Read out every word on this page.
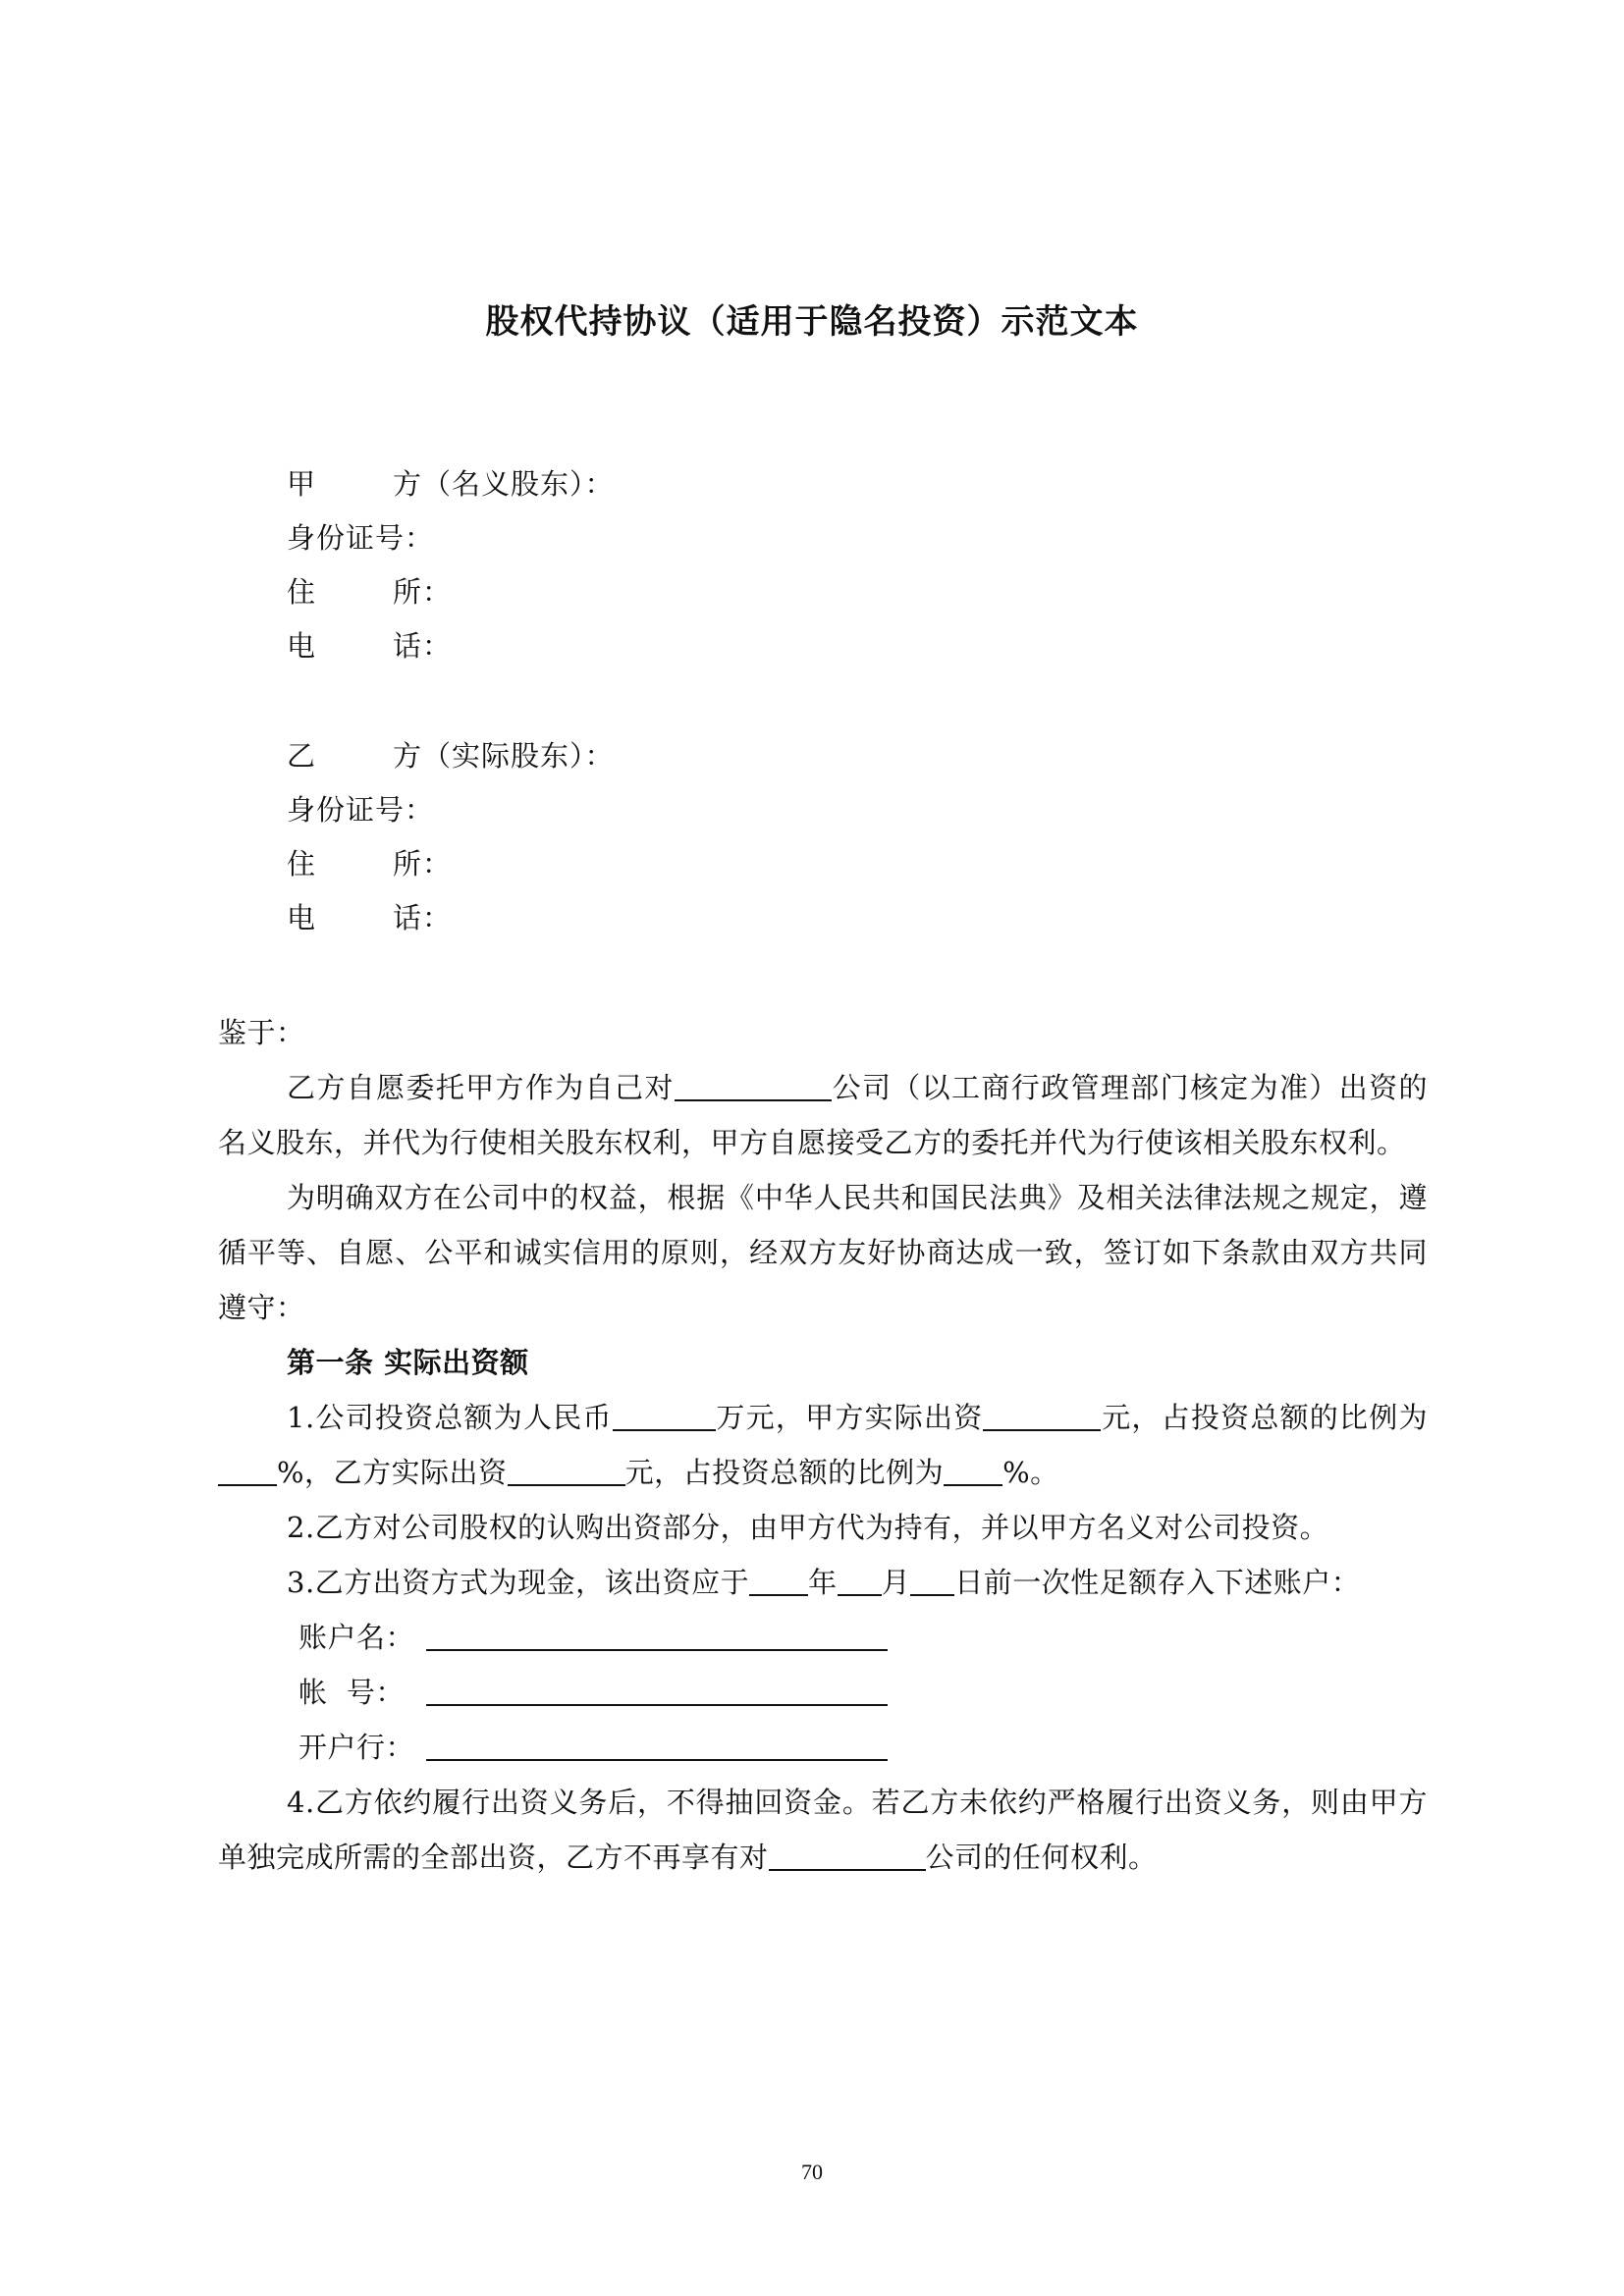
股权代持协议（适用于隐名投资）示范文本
甲	方（名义股东）：
身份证号：
住	所：
电	话：
乙	方（实际股东）：
身份证号：
住	所：
电	话：

鉴于：

乙方自愿委托甲方作为自己对	公司（以工商行政管理部门核定为准）出资的名义股东，并代为行使相关股东权利，甲方自愿接受乙方的委托并代为行使该相关股东权利。

为明确双方在公司中的权益，根据《中华人民共和国民法典》及相关法律法规之规定，遵循平等、自愿、公平和诚实信用的原则，经双方友好协商达成一致，签订如下条款由双方共同遵守：

第一条 实际出资额

1.公司投资总额为人民币	万元，甲方实际出资	元，占投资总额的比例为%，乙方实际出资	元，占投资总额的比例为 %。

2.乙方对公司股权的认购出资部分，由甲方代为持有，并以甲方名义对公司投资。

3.乙方出资方式为现金，该出资应于 年 月 日前一次性足额存入下述账户：

账户名：

帐  号：

开户行：

4.乙方依约履行出资义务后，不得抽回资金。若乙方未依约严格履行出资义务，则由甲方单独完成所需的全部出资，乙方不再享有对	公司的任何权利。

70
